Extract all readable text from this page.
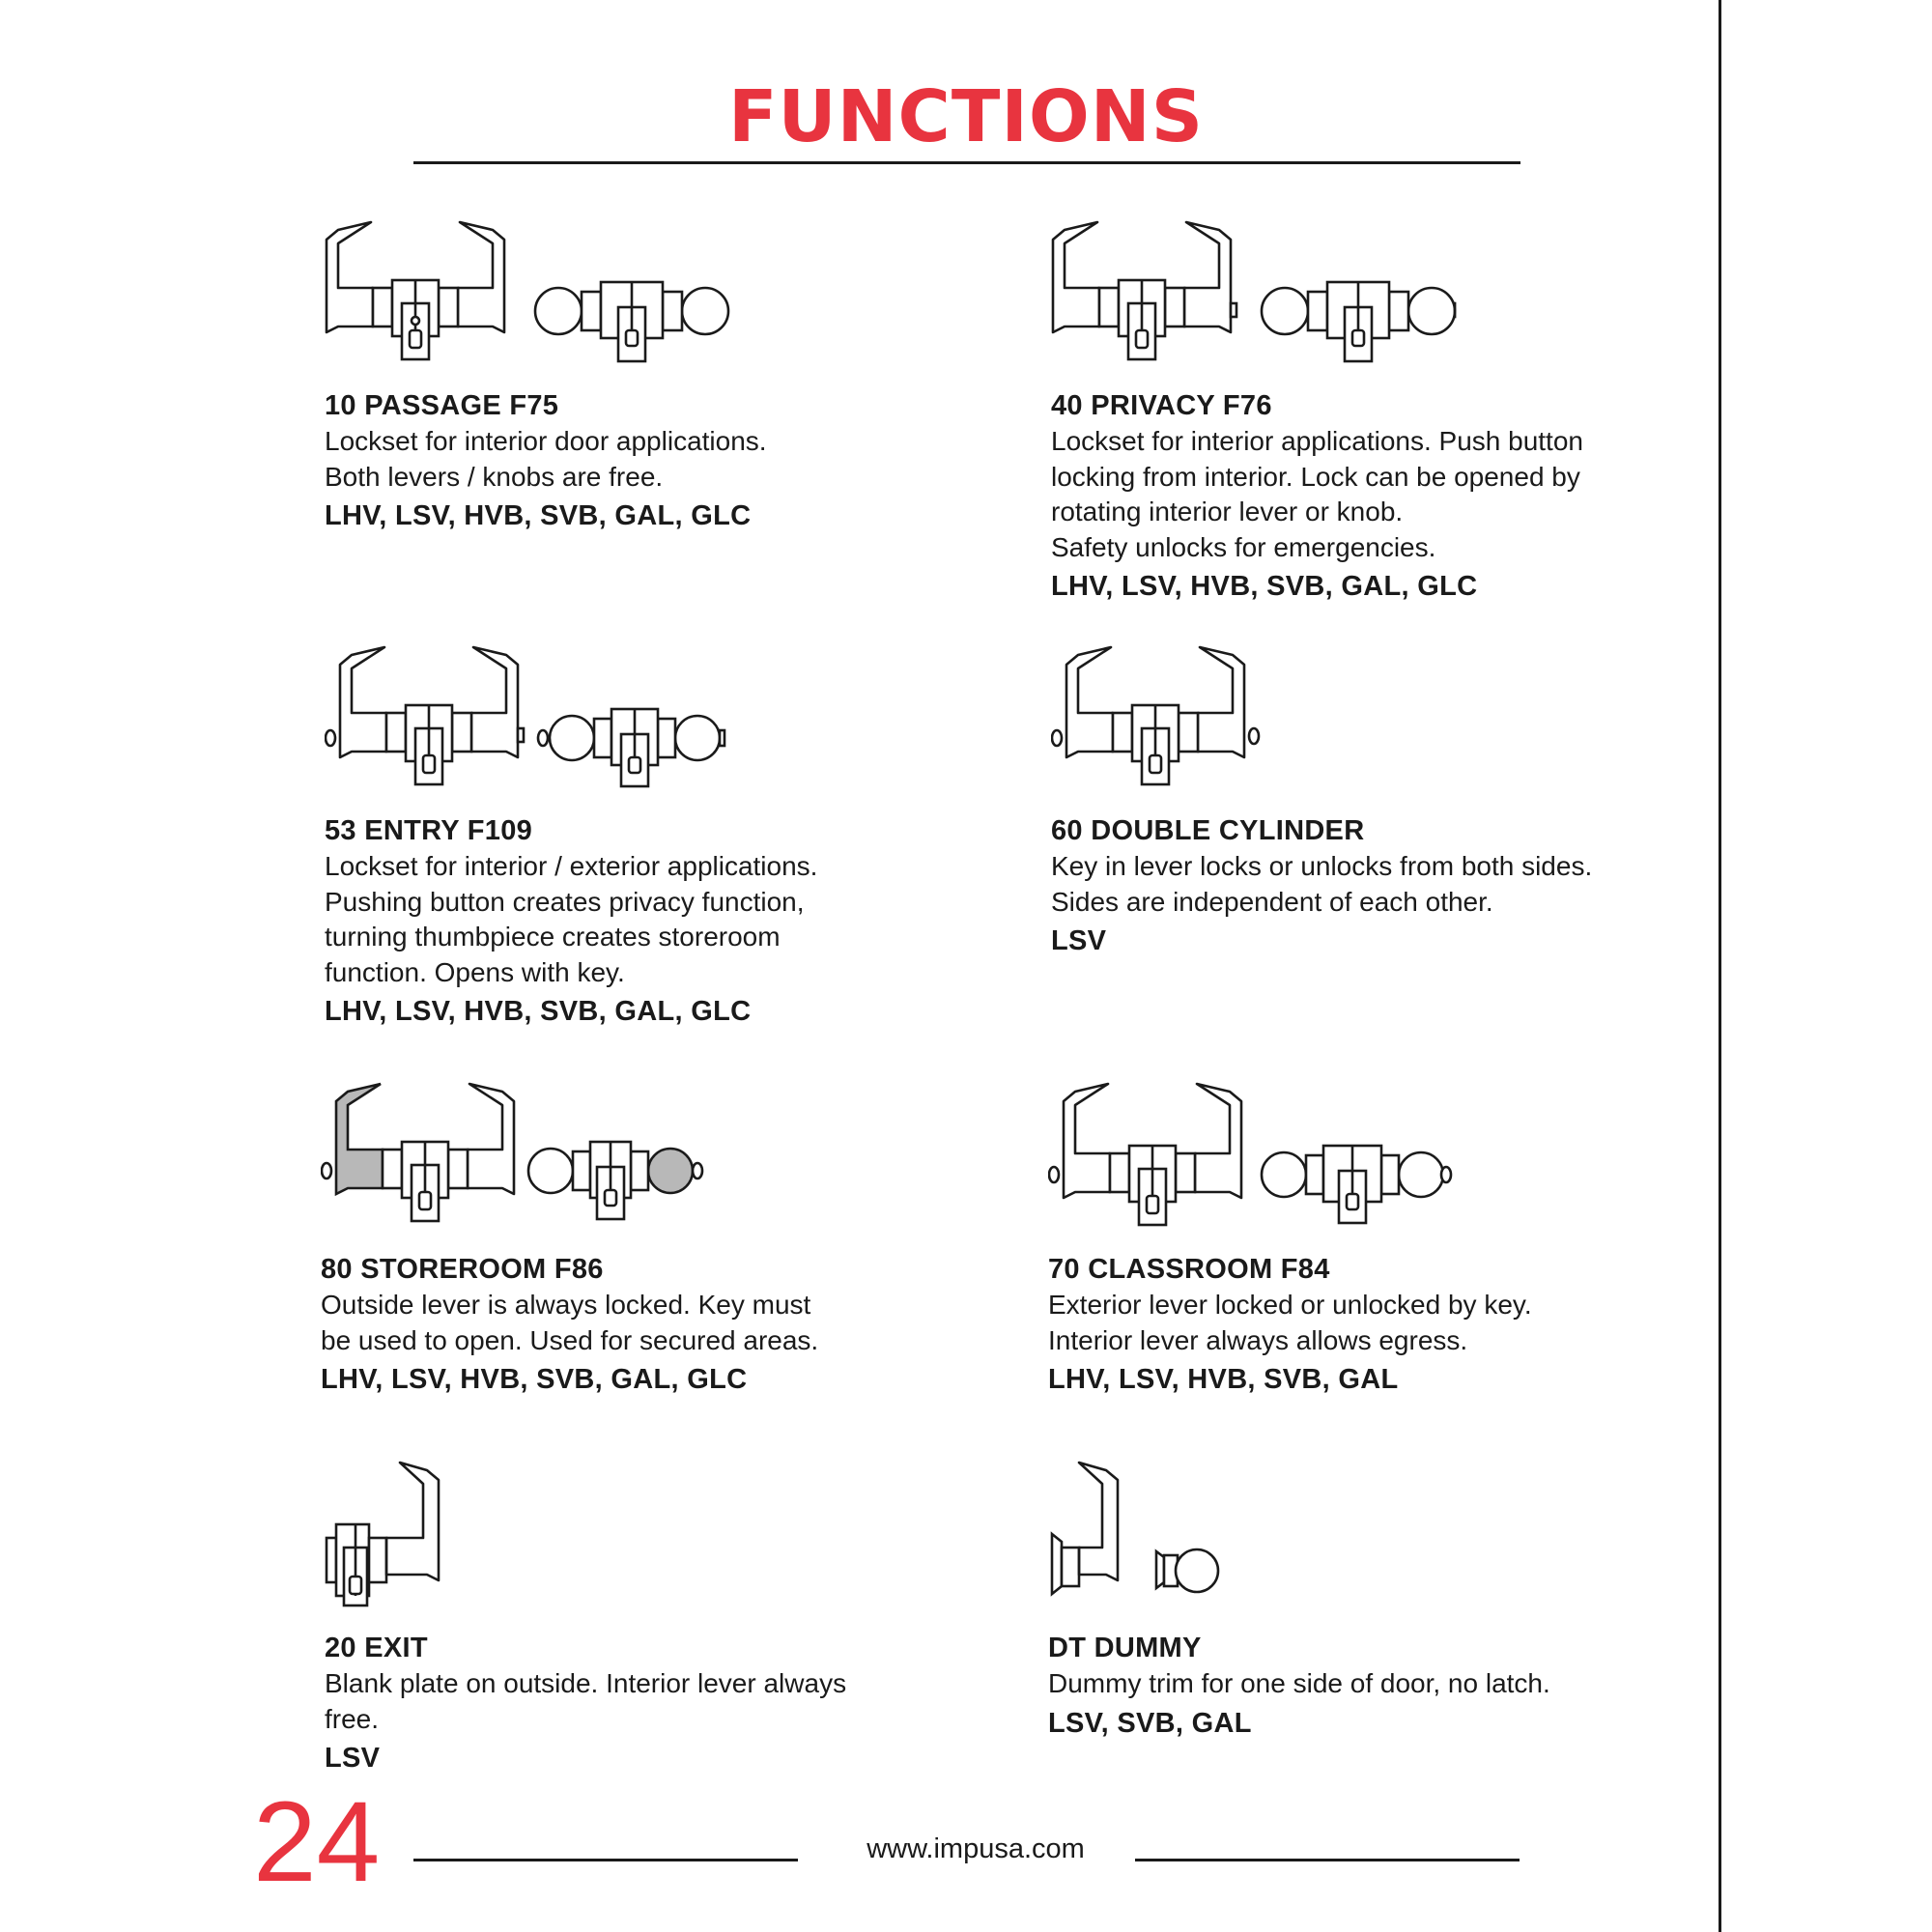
FUNCTIONS
10 PASSAGE F75
Lockset for interior door applications.
Both levers / knobs are free.
LHV, LSV, HVB, SVB, GAL, GLC
40 PRIVACY F76
Lockset for interior applications. Push button
locking from interior. Lock can be opened by
rotating interior lever or knob.
Safety unlocks for emergencies.
LHV, LSV, HVB, SVB, GAL, GLC
53 ENTRY F109
Lockset for interior / exterior applications.
Pushing button creates privacy function,
turning thumbpiece creates storeroom
function. Opens with key.
LHV, LSV, HVB, SVB, GAL, GLC
60 DOUBLE CYLINDER
Key in lever locks or unlocks from both sides.
Sides are independent of each other.
LSV
80 STOREROOM F86
Outside lever is always locked. Key must
be used to open. Used for secured areas.
LHV, LSV, HVB, SVB, GAL, GLC
70 CLASSROOM F84
Exterior lever locked or unlocked by key.
Interior lever always allows egress.
LHV, LSV, HVB, SVB, GAL
20 EXIT
Blank plate on outside. Interior lever always
free.
LSV
DT DUMMY
Dummy trim for one side of door, no latch.
LSV, SVB, GAL
24	www.impusa.com
